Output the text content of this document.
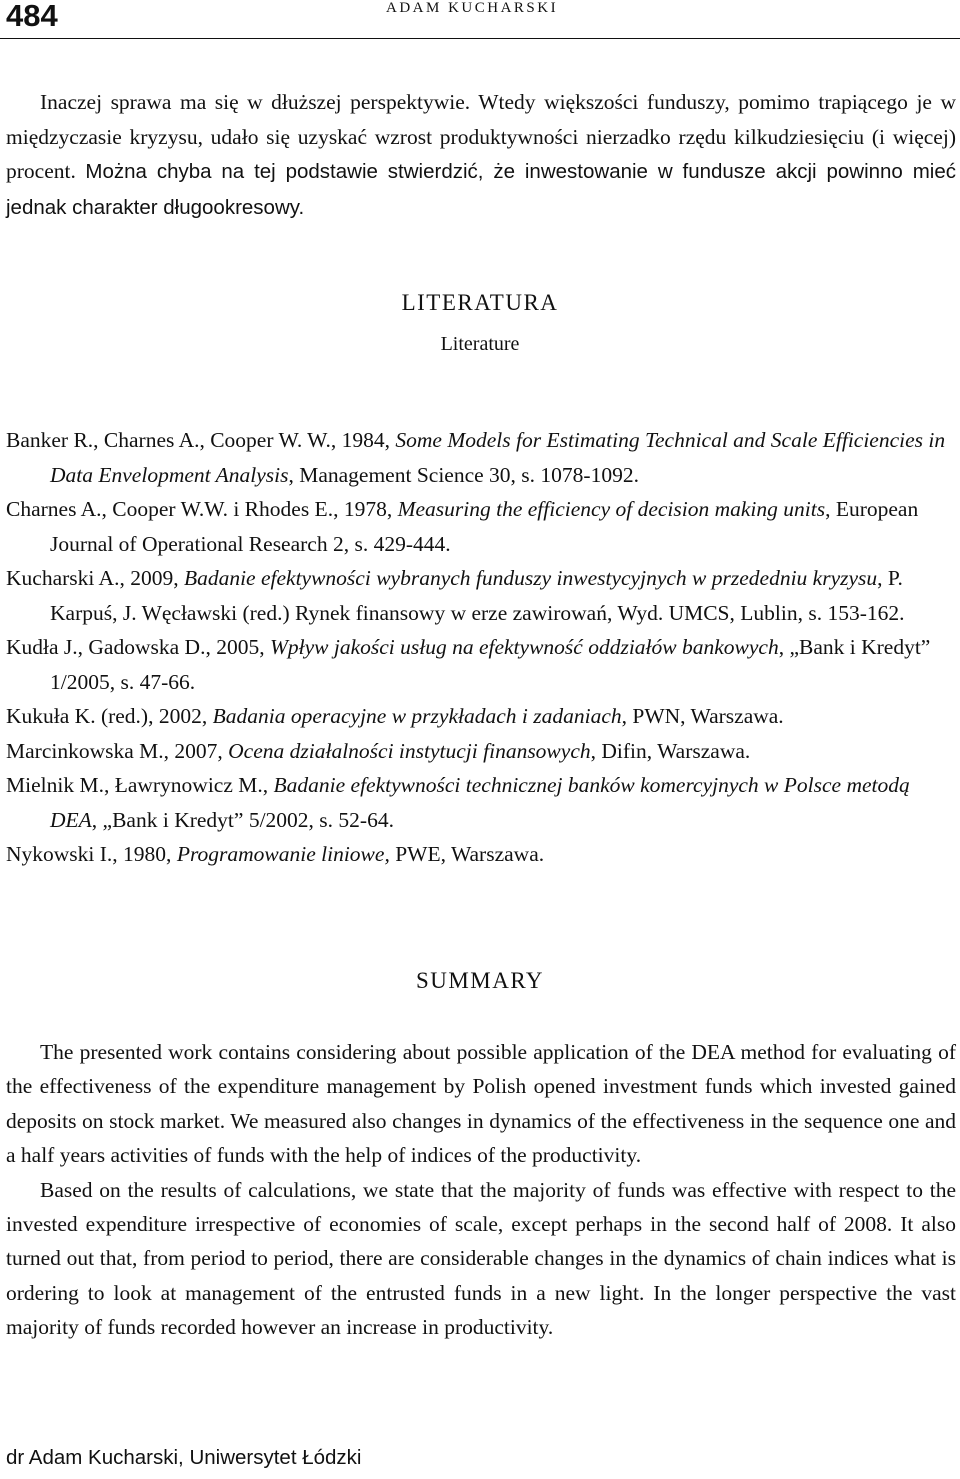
484	ADAM KUCHARSKI

Inaczej sprawa ma się w dłuższej perspektywie. Wtedy większości funduszy, pomimo trapiącego je w międzyczasie kryzysu, udało się uzyskać wzrost produktywności nierzadko rzędu kilkudziesięciu (i więcej) procent. Można chyba na tej podstawie stwierdzić, że inwestowanie w fundusze akcji powinno mieć jednak charakter długookresowy.

LITERATURA
Literature
Banker R., Charnes A., Cooper W. W., 1984, Some Models for Estimating Technical and Scale Efficiencies in Data Envelopment Analysis, Management Science 30, s. 1078-1092.
Charnes A., Cooper W.W. i Rhodes E., 1978, Measuring the efficiency of decision making units, European Journal of Operational Research 2, s. 429-444.
Kucharski A., 2009, Badanie efektywności wybranych funduszy inwestycyjnych w przededniu kryzysu, P. Karpuś, J. Węcławski (red.) Rynek finansowy w erze zawirowań, Wyd. UMCS, Lublin, s. 153-162.
Kudła J., Gadowska D., 2005, Wpływ jakości usług na efektywność oddziałów bankowych, „Bank i Kredyt” 1/2005, s. 47-66.
Kukuła K. (red.), 2002, Badania operacyjne w przykładach i zadaniach, PWN, Warszawa.
Marcinkowska M., 2007, Ocena działalności instytucji finansowych, Difin, Warszawa.
Mielnik M., Ławrynowicz M., Badanie efektywności technicznej banków komercyjnych w Polsce metodą DEA, „Bank i Kredyt” 5/2002, s. 52-64.
Nykowski I., 1980, Programowanie liniowe, PWE, Warszawa.
SUMMARY

The presented work contains considering about possible application of the DEA method for evaluating of the effectiveness of the expenditure management by Polish opened investment funds which invested gained deposits on stock market. We measured also changes in dynamics of the effectiveness in the sequence one and a half years activities of funds with the help of indices of the productivity.

Based on the results of calculations, we state that the majority of funds was effective with respect to the invested expenditure irrespective of economies of scale, except perhaps in the second half of 2008. It also turned out that, from period to period, there are considerable changes in the dynamics of chain indices what is ordering to look at management of the entrusted funds in a new light. In the longer perspective the vast majority of funds recorded however an increase in productivity.

dr Adam Kucharski, Uniwersytet Łódzki
